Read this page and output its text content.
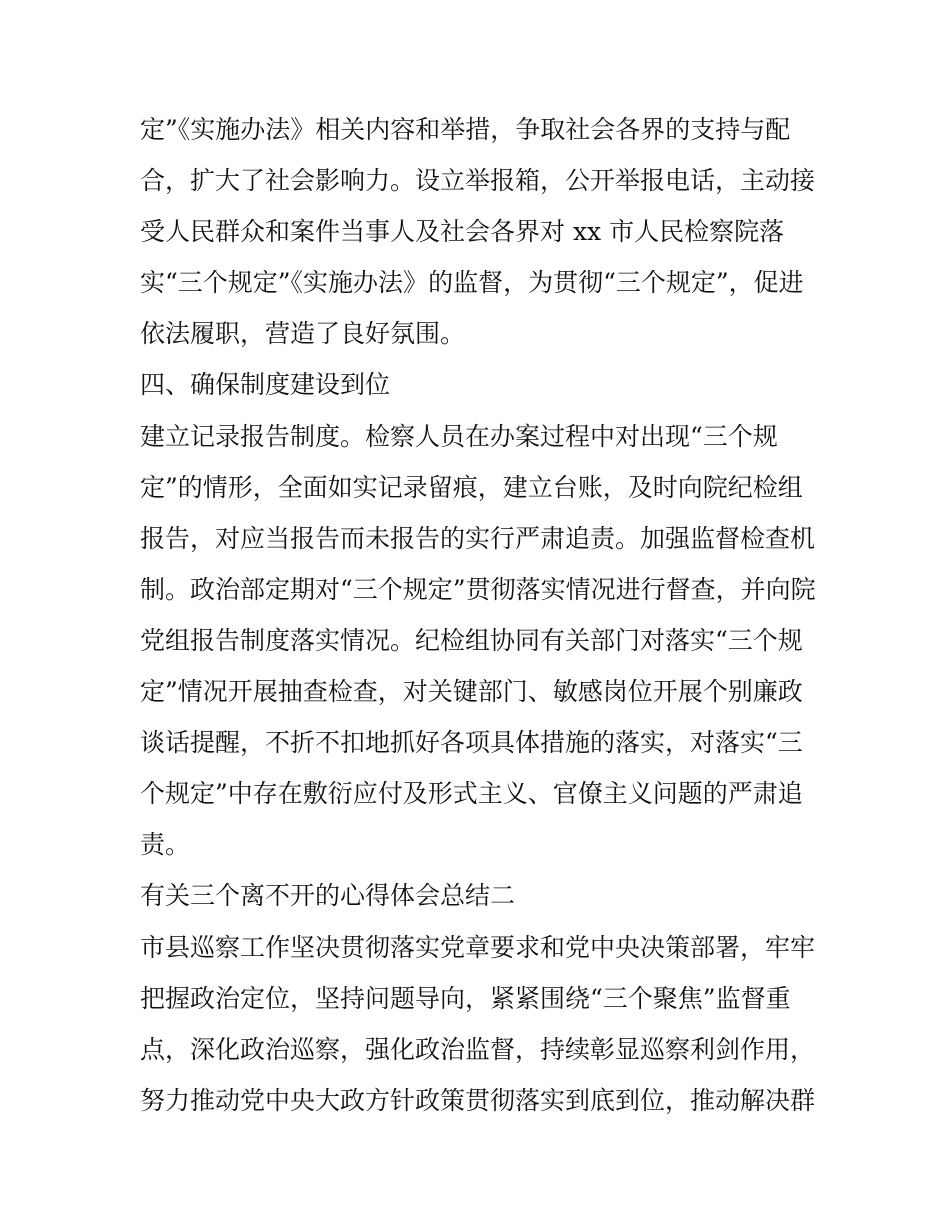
定”《实施办法》相关内容和举措，争取社会各界的支持与配
合，扩大了社会影响力。设立举报箱，公开举报电话，主动接
受人民群众和案件当事人及社会各界对 xx 市人民检察院落
实“三个规定”《实施办法》的监督，为贯彻“三个规定”，促进
依法履职，营造了良好氛围。
四、确保制度建设到位
建立记录报告制度。检察人员在办案过程中对出现“三个规
定”的情形，全面如实记录留痕，建立台账，及时向院纪检组
报告，对应当报告而未报告的实行严肃追责。加强监督检查机
制。政治部定期对“三个规定”贯彻落实情况进行督查，并向院
党组报告制度落实情况。纪检组协同有关部门对落实“三个规
定”情况开展抽查检查，对关键部门、敏感岗位开展个别廉政
谈话提醒，不折不扣地抓好各项具体措施的落实，对落实“三
个规定”中存在敷衍应付及形式主义、官僚主义问题的严肃追
责。
有关三个离不开的心得体会总结二
市县巡察工作坚决贯彻落实党章要求和党中央决策部署，牢牢
把握政治定位，坚持问题导向，紧紧围绕“三个聚焦”监督重
点，深化政治巡察，强化政治监督，持续彰显巡察利剑作用，
努力推动党中央大政方针政策贯彻落实到底到位，推动解决群
